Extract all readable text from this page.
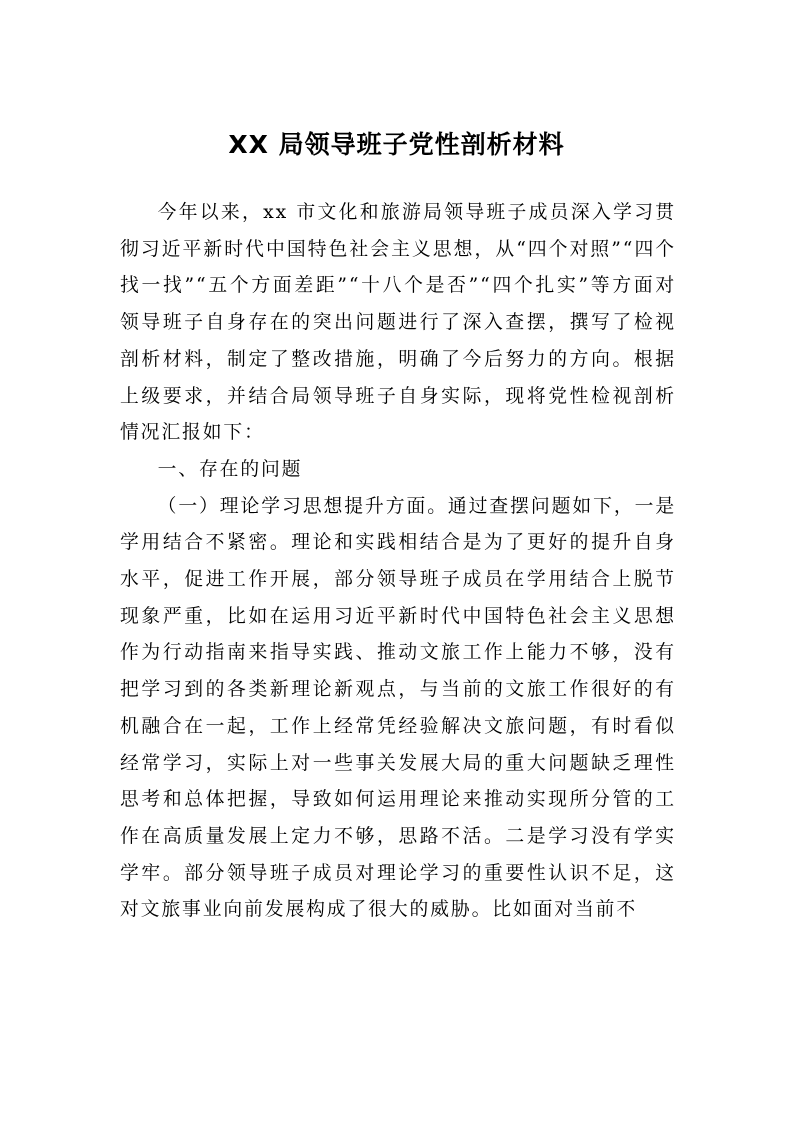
XX 局领导班子党性剖析材料

今年以来，xx 市文化和旅游局领导班子成员深入学习贯彻习近平新时代中国特色社会主义思想，从“四个对照”“四个找一找”“五个方面差距”“十八个是否”“四个扎实”等方面对领导班子自身存在的突出问题进行了深入查摆，撰写了检视剖析材料，制定了整改措施，明确了今后努力的方向。根据上级要求，并结合局领导班子自身实际，现将党性检视剖析情况汇报如下：

一、存在的问题

（一）理论学习思想提升方面。通过查摆问题如下，一是学用结合不紧密。理论和实践相结合是为了更好的提升自身水平，促进工作开展，部分领导班子成员在学用结合上脱节现象严重，比如在运用习近平新时代中国特色社会主义思想作为行动指南来指导实践、推动文旅工作上能力不够，没有把学习到的各类新理论新观点，与当前的文旅工作很好的有机融合在一起，工作上经常凭经验解决文旅问题，有时看似经常学习，实际上对一些事关发展大局的重大问题缺乏理性思考和总体把握，导致如何运用理论来推动实现所分管的工作在高质量发展上定力不够，思路不活。二是学习没有学实学牢。部分领导班子成员对理论学习的重要性认识不足，这对文旅事业向前发展构成了很大的威胁。比如面对当前不
